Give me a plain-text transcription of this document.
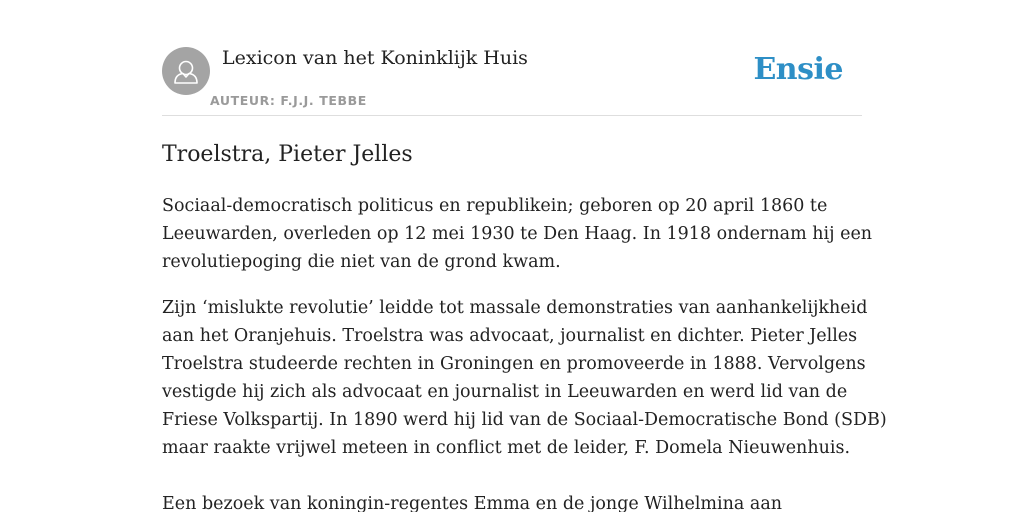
Lexicon van het Koninklijk Huis
AUTEUR: F.J.J. TEBBE
Ensie
Troelstra, Pieter Jelles

Sociaal-democratisch politicus en republikein; geboren op 20 april 1860 te
Leeuwarden, overleden op 12 mei 1930 te Den Haag. In 1918 ondernam hij een
revolutiepoging die niet van de grond kwam.

Zijn ‘mislukte revolutie’ leidde tot massale demonstraties van aanhankelijkheid
aan het Oranjehuis. Troelstra was advocaat, journalist en dichter. Pieter Jelles
Troelstra studeerde rechten in Groningen en promoveerde in 1888. Vervolgens
vestigde hij zich als advocaat en journalist in Leeuwarden en werd lid van de
Friese Volkspartij. In 1890 werd hij lid van de Sociaal-Democratische Bond (SDB)
maar raakte vrijwel meteen in conflict met de leider, F. Domela Nieuwenhuis.

Een bezoek van koningin-regentes Emma en de jonge Wilhelmina aan
